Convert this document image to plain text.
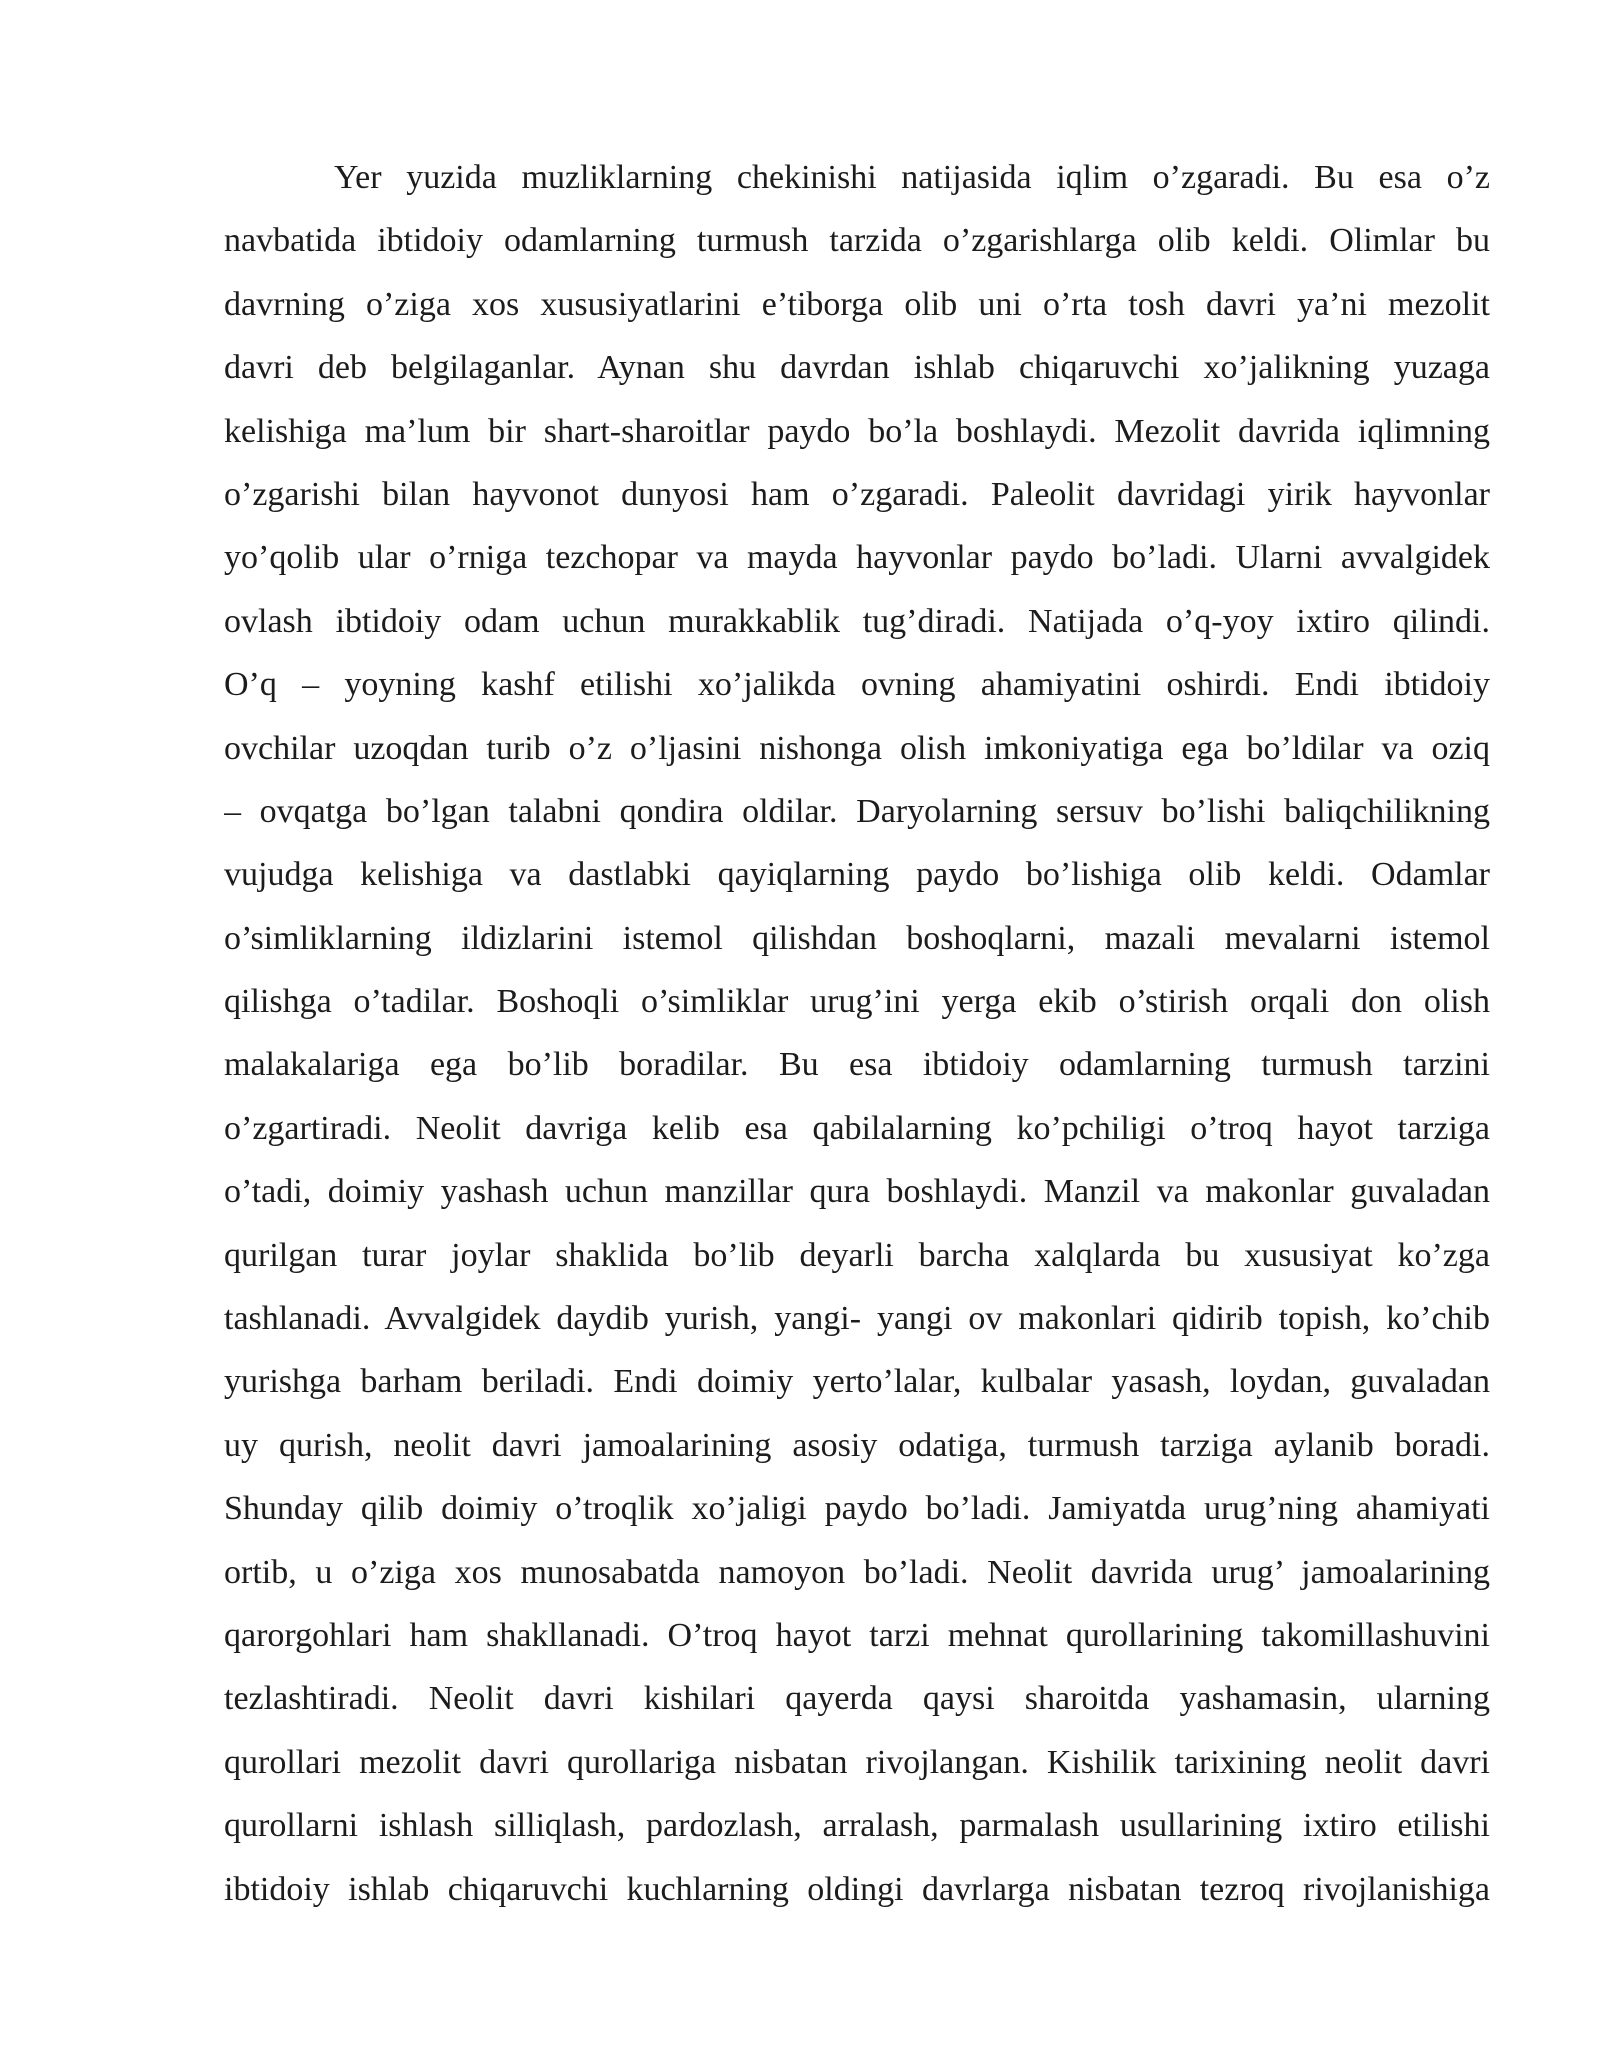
Yer yuzida muzliklarning chekinishi natijasida iqlim o’zgaradi. Bu esa o’z
navbatida ibtidoiy odamlarning turmush tarzida o’zgarishlarga olib keldi. Olimlar bu
davrning o’ziga xos xususiyatlarini e’tiborga olib uni o’rta tosh davri ya’ni mezolit
davri deb belgilaganlar. Aynan shu davrdan ishlab chiqaruvchi xo’jalikning yuzaga
kelishiga ma’lum bir shart-sharoitlar paydo bo’la boshlaydi. Mezolit davrida iqlimning
o’zgarishi bilan hayvonot dunyosi ham o’zgaradi. Paleolit davridagi yirik hayvonlar
yo’qolib ular o’rniga tezchopar va mayda hayvonlar paydo bo’ladi. Ularni avvalgidek
ovlash ibtidoiy odam uchun murakkablik tug’diradi. Natijada o’q-yoy ixtiro qilindi.
O’q – yoyning kashf etilishi xo’jalikda ovning ahamiyatini oshirdi. Endi ibtidoiy
ovchilar uzoqdan turib o’z o’ljasini nishonga olish imkoniyatiga ega bo’ldilar va oziq
– ovqatga bo’lgan talabni qondira oldilar. Daryolarning sersuv bo’lishi baliqchilikning
vujudga kelishiga va dastlabki qayiqlarning paydo bo’lishiga olib keldi. Odamlar
o’simliklarning ildizlarini istemol qilishdan boshoqlarni, mazali mevalarni istemol
qilishga o’tadilar. Boshoqli o’simliklar urug’ini yerga ekib o’stirish orqali don olish
malakalariga ega bo’lib boradilar. Bu esa ibtidoiy odamlarning turmush tarzini
o’zgartiradi. Neolit davriga kelib esa qabilalarning ko’pchiligi o’troq hayot tarziga
o’tadi, doimiy yashash uchun manzillar qura boshlaydi. Manzil va makonlar guvaladan
qurilgan turar joylar shaklida bo’lib deyarli barcha xalqlarda bu xususiyat ko’zga
tashlanadi. Avvalgidek daydib yurish, yangi- yangi ov makonlari qidirib topish, ko’chib
yurishga barham beriladi. Endi doimiy yerto’lalar, kulbalar yasash, loydan, guvaladan
uy qurish, neolit davri jamoalarining asosiy odatiga, turmush tarziga aylanib boradi.
Shunday qilib doimiy o’troqlik xo’jaligi paydo bo’ladi. Jamiyatda urug’ning ahamiyati
ortib, u o’ziga xos munosabatda namoyon bo’ladi. Neolit davrida urug’ jamoalarining
qarorgohlari ham shakllanadi. O’troq hayot tarzi mehnat qurollarining takomillashuvini
tezlashtiradi. Neolit davri kishilari qayerda qaysi sharoitda yashamasin, ularning
qurollari mezolit davri qurollariga nisbatan rivojlangan. Kishilik tarixining neolit davri
qurollarni ishlash silliqlash, pardozlash, arralash, parmalash usullarining ixtiro etilishi
ibtidoiy ishlab chiqaruvchi kuchlarning oldingi davrlarga nisbatan tezroq rivojlanishiga
